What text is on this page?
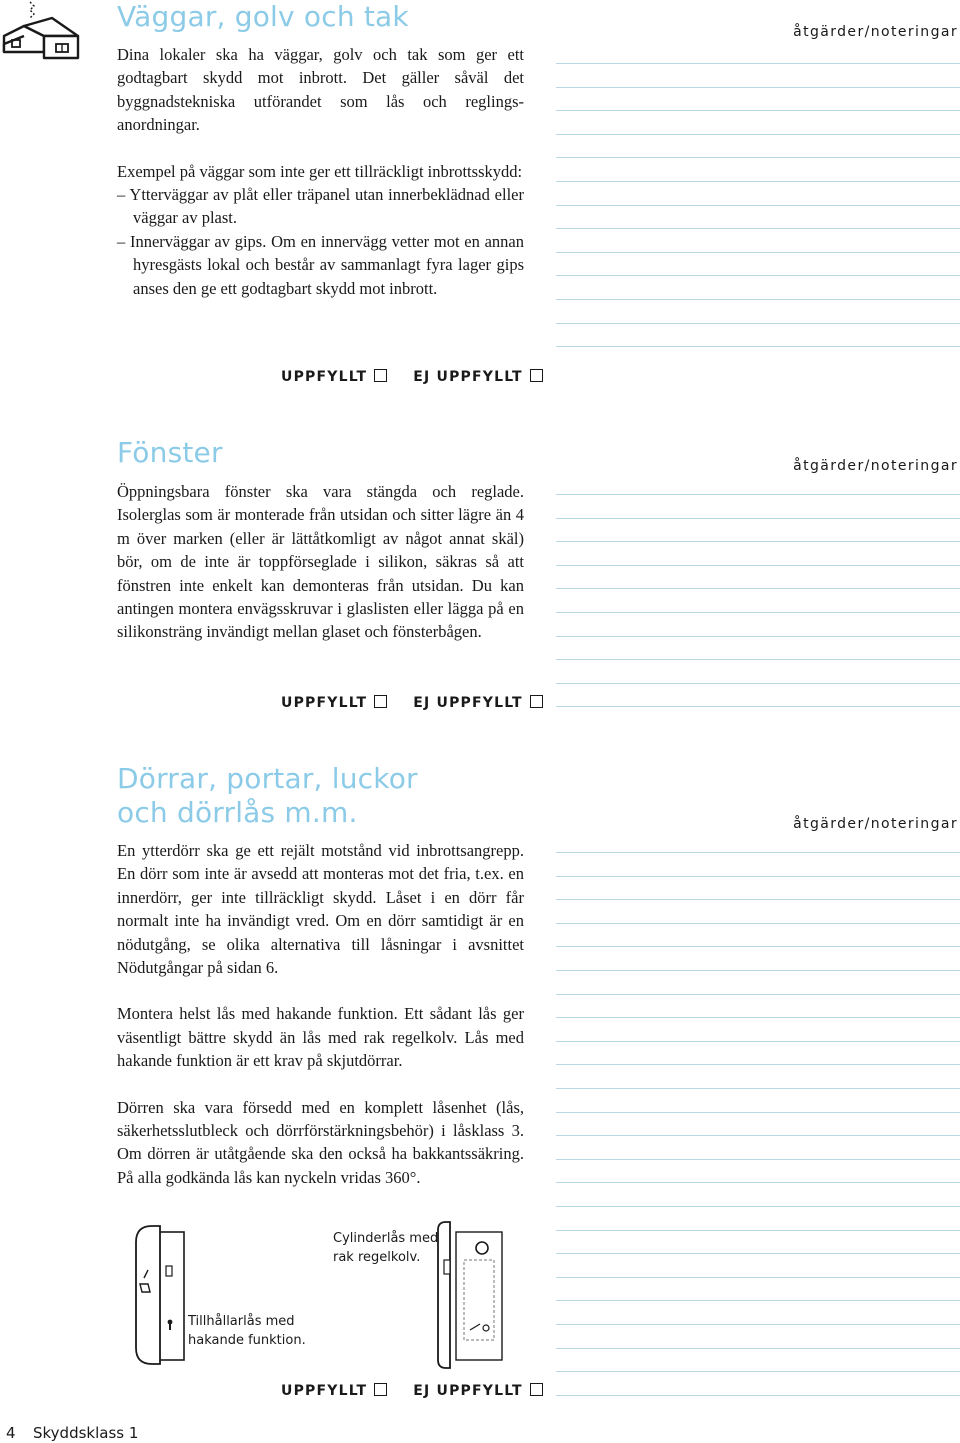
Väggar, golv och tak

Dina lokaler ska ha väggar, golv och tak som ger ett godtagbart skydd mot inbrott. Det gäller såväl det byggnadstekniska utförandet som lås och reglingsanordningar.

Exempel på väggar som inte ger ett tillräckligt inbrottsskydd:

– Ytterväggar av plåt eller träpanel utan innerbeklädnad eller väggar av plast.

– Innerväggar av gips. Om en innervägg vetter mot en annan hyresgästs lokal och består av sammanlagt fyra lager gips anses den ge ett godtagbart skydd mot inbrott.

UPPFYLLT	EJ UPPFYLLT
åtgärder/noteringar
Fönster

Öppningsbara fönster ska vara stängda och reglade. Isolerglas som är monterade från utsidan och sitter lägre än 4 m över marken (eller är lättåtkomligt av något annat skäl) bör, om de inte är toppförseglade i silikon, säkras så att fönstren inte enkelt kan demonteras från utsidan. Du kan antingen montera envägsskruvar i glaslisten eller lägga på en silikonsträng invändigt mellan glaset och fönsterbågen.

UPPFYLLT	EJ UPPFYLLT
åtgärder/noteringar
Dörrar, portar, luckor
och dörrlås m.m.

En ytterdörr ska ge ett rejält motstånd vid inbrottsangrepp. En dörr som inte är avsedd att monteras mot det fria, t.ex. en innerdörr, ger inte tillräckligt skydd. Låset i en dörr får normalt inte ha invändigt vred. Om en dörr samtidigt är en nödutgång, se olika alternativa till låsningar i avsnittet Nödutgångar på sidan 6.

Montera helst lås med hakande funktion. Ett sådant lås ger väsentligt bättre skydd än lås med rak regelkolv. Lås med hakande funktion är ett krav på skjutdörrar.

Dörren ska vara försedd med en komplett låsenhet (lås, säkerhetsslutbleck och dörrförstärkningsbehör) i låsklass 3. Om dörren är utåtgående ska den också ha bakkantssäkring. På alla godkända lås kan nyckeln vridas 360°.

åtgärder/noteringar
Cylinderlås med
rak regelkolv.
Tillhållarlås med
hakande funktion.
UPPFYLLT	EJ UPPFYLLT
4 Skyddsklass 1
